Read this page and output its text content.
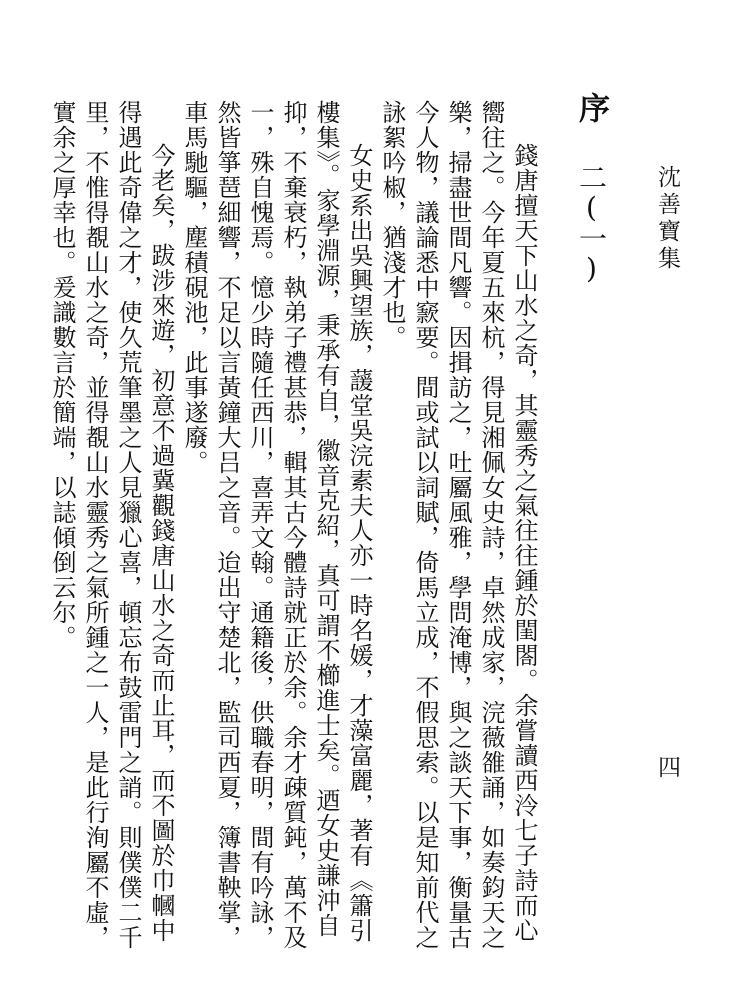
沈善寶集
四
序二(一)

錢唐擅天下山水之奇，其靈秀之氣往往鍾於閨閤。余嘗讀西泠七子詩而心嚮往之。今年夏五來杭，得見湘佩女史詩，卓然成家，浣薇雒誦，如奏鈞天之樂，掃盡世間凡響。因揖訪之，吐屬風雅，學問淹博，與之談天下事，衡量古今人物，議論悉中窾要。間或試以詞賦，倚馬立成，不假思索。以是知前代之詠絮吟椒，猶淺才也。

女史系出吳興望族，蘐堂吳浣素夫人亦一時名媛，才藻富麗，著有《簫引樓集》。家學淵源，秉承有自，徽音克紹，真可謂不櫛進士矣。迺女史謙沖自抑，不棄衰朽，執弟子禮甚恭，輯其古今體詩就正於余。余才疎質鈍，萬不及一，殊自愧焉。憶少時隨任西川，喜弄文翰。通籍後，供職春明，間有吟詠，然皆箏琶細響，不足以言黃鐘大吕之音。迨出守楚北，監司西夏，簿書鞅掌，車馬馳驅，塵積硯池，此事遂廢。

今老矣，跋涉來遊，初意不過冀觀錢唐山水之奇而止耳，而不圖於巾幗中得遇此奇偉之才，使久荒筆墨之人見獵心喜，頓忘布鼓雷門之誚。則僕僕二千里，不惟得覩山水之奇，並得覩山水靈秀之氣所鍾之一人，是此行洵屬不虛，實余之厚幸也。爰識數言於簡端，以誌傾倒云尔。
